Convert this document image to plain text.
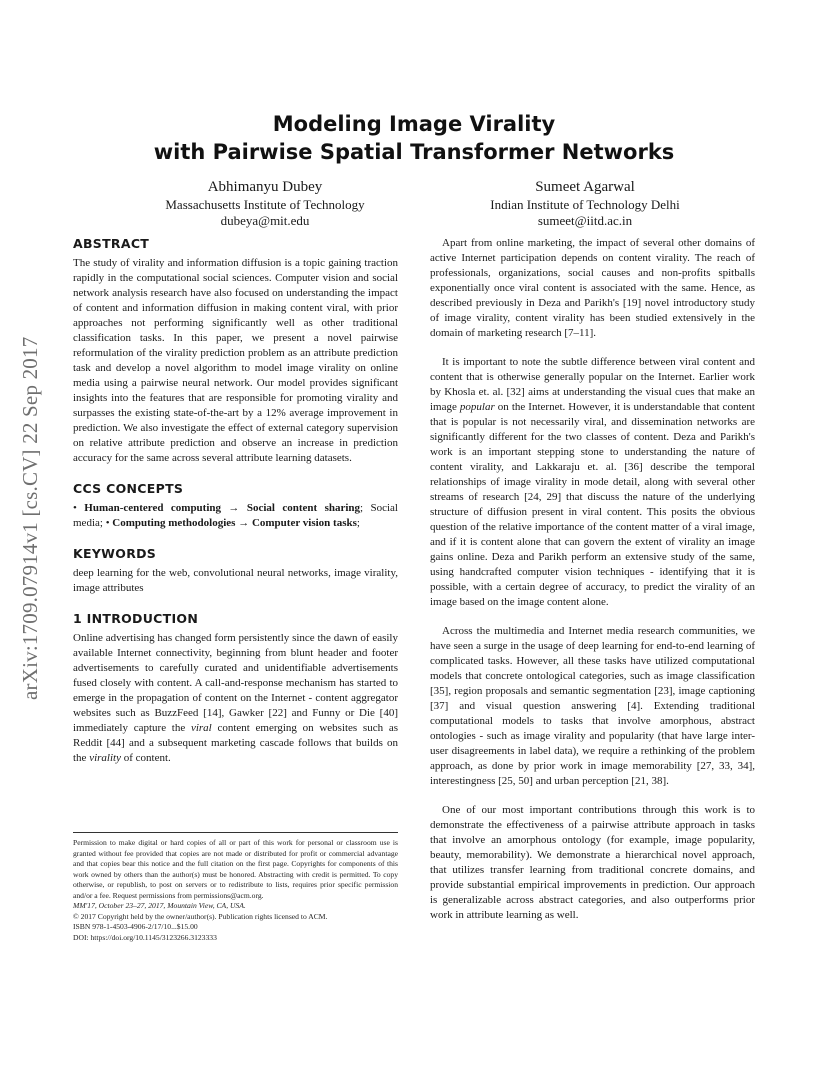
arXiv:1709.07914v1 [cs.CV] 22 Sep 2017
Modeling Image Virality
with Pairwise Spatial Transformer Networks
Abhimanyu Dubey
Massachusetts Institute of Technology
dubeya@mit.edu
Sumeet Agarwal
Indian Institute of Technology Delhi
sumeet@iitd.ac.in
ABSTRACT

The study of virality and information diffusion is a topic gaining traction rapidly in the computational social sciences. Computer vision and social network analysis research have also focused on understanding the impact of content and information diffusion in making content viral, with prior approaches not performing significantly well as other traditional classification tasks. In this paper, we present a novel pairwise reformulation of the virality prediction problem as an attribute prediction task and develop a novel algorithm to model image virality on online media using a pairwise neural network. Our model provides significant insights into the features that are responsible for promoting virality and surpasses the existing state-of-the-art by a 12% average improvement in prediction. We also investigate the effect of external category supervision on relative attribute prediction and observe an increase in prediction accuracy for the same across several attribute learning datasets.

CCS CONCEPTS

• Human-centered computing → Social content sharing; Social media; • Computing methodologies → Computer vision tasks;

KEYWORDS

deep learning for the web, convolutional neural networks, image virality, image attributes

1 INTRODUCTION

Online advertising has changed form persistently since the dawn of easily available Internet connectivity, beginning from blunt header and footer advertisements to carefully curated and unidentifiable advertisements fused closely with content. A call-and-response mechanism has started to emerge in the propagation of content on the Internet - content aggregator websites such as BuzzFeed [14], Gawker [22] and Funny or Die [40] immediately capture the viral content emerging on websites such as Reddit [44] and a subsequent marketing cascade follows that builds on the virality of content.

Permission to make digital or hard copies of all or part of this work for personal or classroom use is granted without fee provided that copies are not made or distributed for profit or commercial advantage and that copies bear this notice and the full citation on the first page. Copyrights for components of this work owned by others than the author(s) must be honored. Abstracting with credit is permitted. To copy otherwise, or republish, to post on servers or to redistribute to lists, requires prior specific permission and/or a fee. Request permissions from permissions@acm.org.

MM'17, October 23–27, 2017, Mountain View, CA, USA.

© 2017 Copyright held by the owner/author(s). Publication rights licensed to ACM.

ISBN 978-1-4503-4906-2/17/10...$15.00

DOI: https://doi.org/10.1145/3123266.3123333

Apart from online marketing, the impact of several other domains of active Internet participation depends on content virality. The reach of professionals, organizations, social causes and non-profits spitballs exponentially once viral content is associated with the same. Hence, as described previously in Deza and Parikh's [19] novel introductory study of image virality, content virality has been studied extensively in the domain of marketing research [7–11].

It is important to note the subtle difference between viral content and content that is otherwise generally popular on the Internet. Earlier work by Khosla et. al. [32] aims at understanding the visual cues that make an image popular on the Internet. However, it is understandable that content that is popular is not necessarily viral, and dissemination networks are significantly different for the two classes of content. Deza and Parikh's work is an important stepping stone to understanding the nature of content virality, and Lakkaraju et. al. [36] describe the temporal relationships of image virality in mode detail, along with several other streams of research [24, 29] that discuss the nature of the underlying structure of diffusion present in viral content. This posits the obvious question of the relative importance of the content matter of a viral image, and if it is content alone that can govern the extent of virality an image gains online. Deza and Parikh perform an extensive study of the same, using handcrafted computer vision techniques - identifying that it is possible, with a certain degree of accuracy, to predict the virality of an image based on the image content alone.

Across the multimedia and Internet media research communities, we have seen a surge in the usage of deep learning for end-to-end learning of complicated tasks. However, all these tasks have utilized computational models that concrete ontological categories, such as image classification [35], region proposals and semantic segmentation [23], image captioning [37] and visual question answering [4]. Extending traditional computational models to tasks that involve amorphous, abstract ontologies - such as image virality and popularity (that have large inter-user disagreements in label data), we require a rethinking of the problem approach, as done by prior work in image memorability [27, 33, 34], interestingness [25, 50] and urban perception [21, 38].

One of our most important contributions through this work is to demonstrate the effectiveness of a pairwise attribute approach in tasks that involve an amorphous ontology (for example, image popularity, beauty, memorability). We demonstrate a hierarchical novel approach, that utilizes transfer learning from traditional concrete domains, and provide substantial empirical improvements in prediction. Our approach is generalizable across abstract categories, and also outperforms prior work in attribute learning as well.
